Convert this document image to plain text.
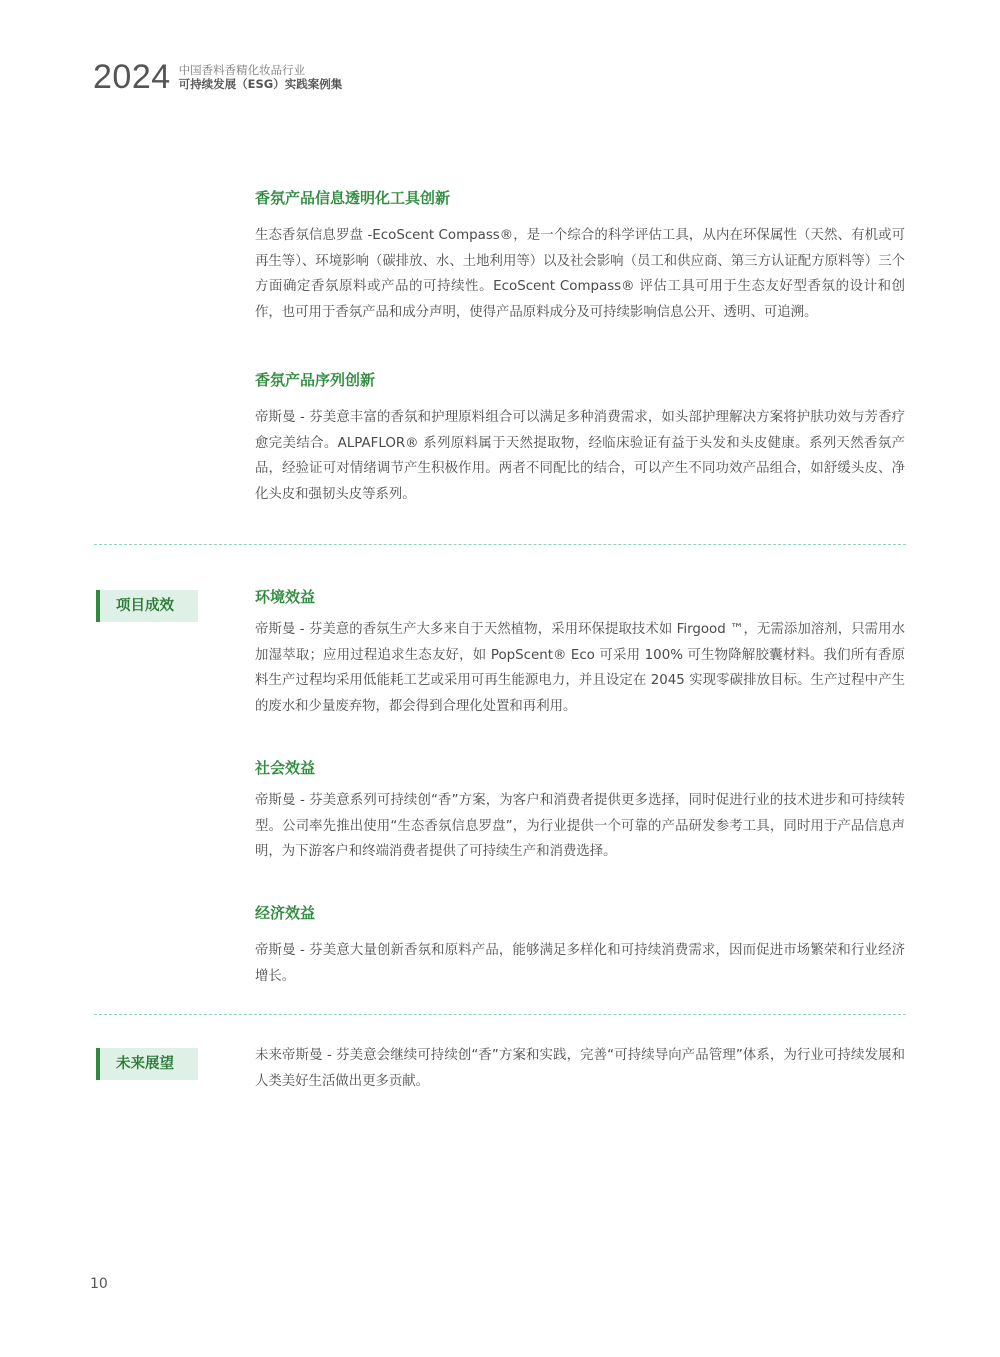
2024 中国香料香精化妆品行业
可持续发展（ESG）实践案例集
香氛产品信息透明化工具创新

生态香氛信息罗盘 -EcoScent Compass®，是一个综合的科学评估工具，从内在环保属性（天然、有机或可再生等）、环境影响（碳排放、水、土地利用等）以及社会影响（员工和供应商、第三方认证配方原料等）三个方面确定香氛原料或产品的可持续性。EcoScent Compass® 评估工具可用于生态友好型香氛的设计和创作，也可用于香氛产品和成分声明，使得产品原料成分及可持续影响信息公开、透明、可追溯。

香氛产品序列创新

帝斯曼 - 芬美意丰富的香氛和护理原料组合可以满足多种消费需求，如头部护理解决方案将护肤功效与芳香疗愈完美结合。ALPAFLOR® 系列原料属于天然提取物，经临床验证有益于头发和头皮健康。系列天然香氛产品，经验证可对情绪调节产生积极作用。两者不同配比的结合，可以产生不同功效产品组合，如舒缓头皮、净化头皮和强韧头皮等系列。

项目成效	环境效益

帝斯曼 - 芬美意的香氛生产大多来自于天然植物，采用环保提取技术如 Firgood ™，无需添加溶剂，只需用水加湿萃取；应用过程追求生态友好，如 PopScent® Eco 可采用 100% 可生物降解胶囊材料。我们所有香原料生产过程均采用低能耗工艺或采用可再生能源电力，并且设定在 2045 实现零碳排放目标。生产过程中产生的废水和少量废弃物，都会得到合理化处置和再利用。

社会效益

帝斯曼 - 芬美意系列可持续创“香”方案，为客户和消费者提供更多选择，同时促进行业的技术进步和可持续转型。公司率先推出使用“生态香氛信息罗盘”，为行业提供一个可靠的产品研发参考工具，同时用于产品信息声明，为下游客户和终端消费者提供了可持续生产和消费选择。

经济效益

帝斯曼 - 芬美意大量创新香氛和原料产品，能够满足多样化和可持续消费需求，因而促进市场繁荣和行业经济增长。

未来展望

未来帝斯曼 - 芬美意会继续可持续创“香”方案和实践，完善“可持续导向产品管理”体系，为行业可持续发展和人类美好生活做出更多贡献。

10
